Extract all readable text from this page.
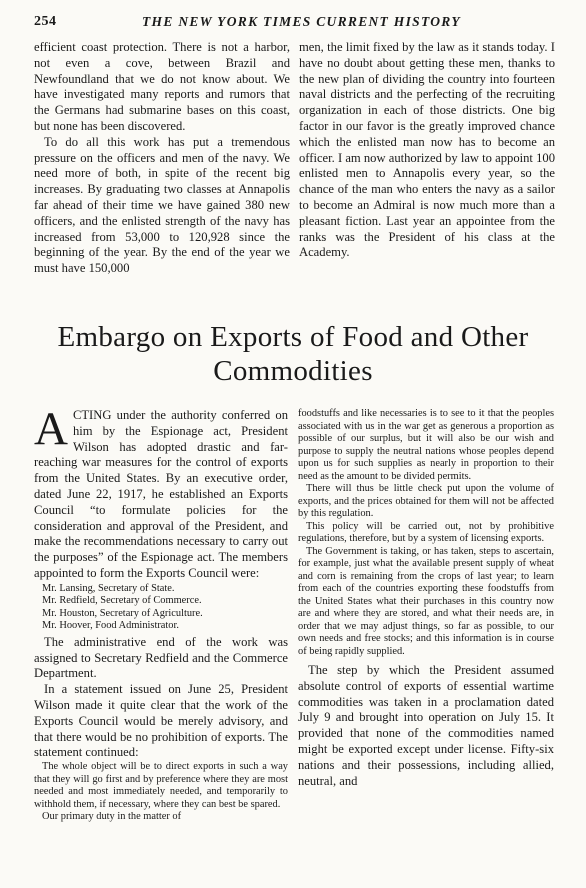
254	THE NEW YORK TIMES CURRENT HISTORY

efficient coast protection. There is not a harbor, not even a cove, between Brazil and Newfoundland that we do not know about. We have investigated many reports and rumors that the Germans had submarine bases on this coast, but none has been discovered.

To do all this work has put a tremendous pressure on the officers and men of the navy. We need more of both, in spite of the recent big increases. By graduating two classes at Annapolis far ahead of their time we have gained 380 new officers, and the enlisted strength of the navy has increased from 53,000 to 120,928 since the beginning of the year. By the end of the year we must have 150,000

men, the limit fixed by the law as it stands today. I have no doubt about getting these men, thanks to the new plan of dividing the country into fourteen naval districts and the perfecting of the recruiting organization in each of those districts. One big factor in our favor is the greatly improved chance which the enlisted man now has to become an officer. I am now authorized by law to appoint 100 enlisted men to Annapolis every year, so the chance of the man who enters the navy as a sailor to become an Admiral is now much more than a pleasant fiction. Last year an appointee from the ranks was the President of his class at the Academy.

Embargo on Exports of Food and Other Commodities

ACTING under the authority conferred on him by the Espionage act, President Wilson has adopted drastic and far-reaching war measures for the control of exports from the United States. By an executive order, dated June 22, 1917, he established an Exports Council “to formulate policies for the consideration and approval of the President, and make the recommendations necessary to carry out the purposes” of the Espionage act. The members appointed to form the Exports Council were:

Mr. Lansing, Secretary of State.
Mr. Redfield, Secretary of Commerce.
Mr. Houston, Secretary of Agriculture.
Mr. Hoover, Food Administrator.

The administrative end of the work was assigned to Secretary Redfield and the Commerce Department.

In a statement issued on June 25, President Wilson made it quite clear that the work of the Exports Council would be merely advisory, and that there would be no prohibition of exports. The statement continued:

The whole object will be to direct exports in such a way that they will go first and by preference where they are most needed and most immediately needed, and temporarily to withhold them, if necessary, where they can best be spared.

Our primary duty in the matter of

foodstuffs and like necessaries is to see to it that the peoples associated with us in the war get as generous a proportion as possible of our surplus, but it will also be our wish and purpose to supply the neutral nations whose peoples depend upon us for such supplies as nearly in proportion to their need as the amount to be divided permits.

There will thus be little check put upon the volume of exports, and the prices obtained for them will not be affected by this regulation.

This policy will be carried out, not by prohibitive regulations, therefore, but by a system of licensing exports.

The Government is taking, or has taken, steps to ascertain, for example, just what the available present supply of wheat and corn is remaining from the crops of last year; to learn from each of the countries exporting these foodstuffs from the United States what their purchases in this country now are and where they are stored, and what their needs are, in order that we may adjust things, so far as possible, to our own needs and free stocks; and this information is in course of being rapidly supplied.

The step by which the President assumed absolute control of exports of essential wartime commodities was taken in a proclamation dated July 9 and brought into operation on July 15. It provided that none of the commodities named might be exported except under license. Fifty-six nations and their possessions, including allied, neutral, and
